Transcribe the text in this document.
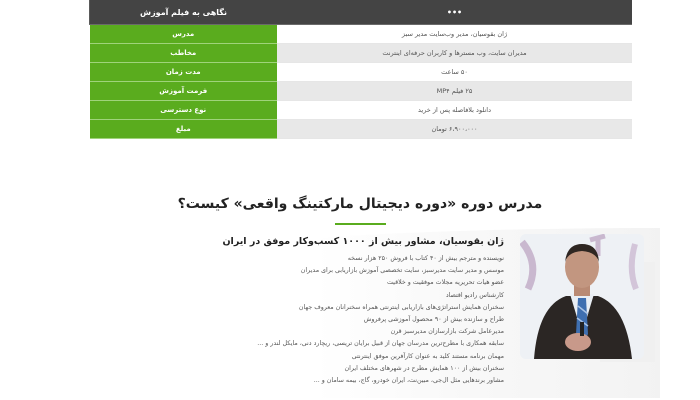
•••	نگاهی به فیلم آموزش
ژان بقوسیان، مدیر وب‌سایت مدیر سبز	مدرس
مدیران سایت، وب مسترها و کاربران حرفه‌ای اینترنت	مخاطب
۵۰ ساعت	مدت زمان
۲۵ فیلم MP۴	فرمت آموزش
دانلود بلافاصله پس از خرید	نوع دسترسی
۶،۹۰۰،۰۰۰ تومان	مبلغ
مدرس دوره «دوره دیجیتال مارکتینگ واقعی» کیست؟
ژان بقوسیان، مشاور بیش از ۱۰۰۰ کسب‌وکار موفق در ایران
نویسنده و مترجم بیش از ۴۰ کتاب با فروش ۲۵۰ هزار نسخه
موسس و مدیر سایت مدیرسبز، سایت تخصصی آموزش بازاریابی برای مدیران
عضو هیات تحریریه مجلات موفقیت و خلاقیت
کارشناس رادیو اقتصاد
سخنران همایش استراتژی‌های بازاریابی اینترنتی همراه سخنرانان معروف جهان
طراح و سازنده بیش از ۹۰ محصول آموزشی پرفروش
مدیرعامل شرکت بازارسازان مدیرسبز قرن
سابقه همکاری با مطرح‌ترین مدرسان جهان از قبیل برایان تریسی، ریچارد دنی، مایکل لندر و ...
مهمان برنامه مستند کلید به عنوان کارآفرین موفق اینترنتی
سخنران بیش از ۱۰۰ همایش مطرح در شهرهای مختلف ایران
مشاور برندهایی مثل ال‌جی، مبین‌نت، ایران خودرو، گاج، بیمه سامان و ...
